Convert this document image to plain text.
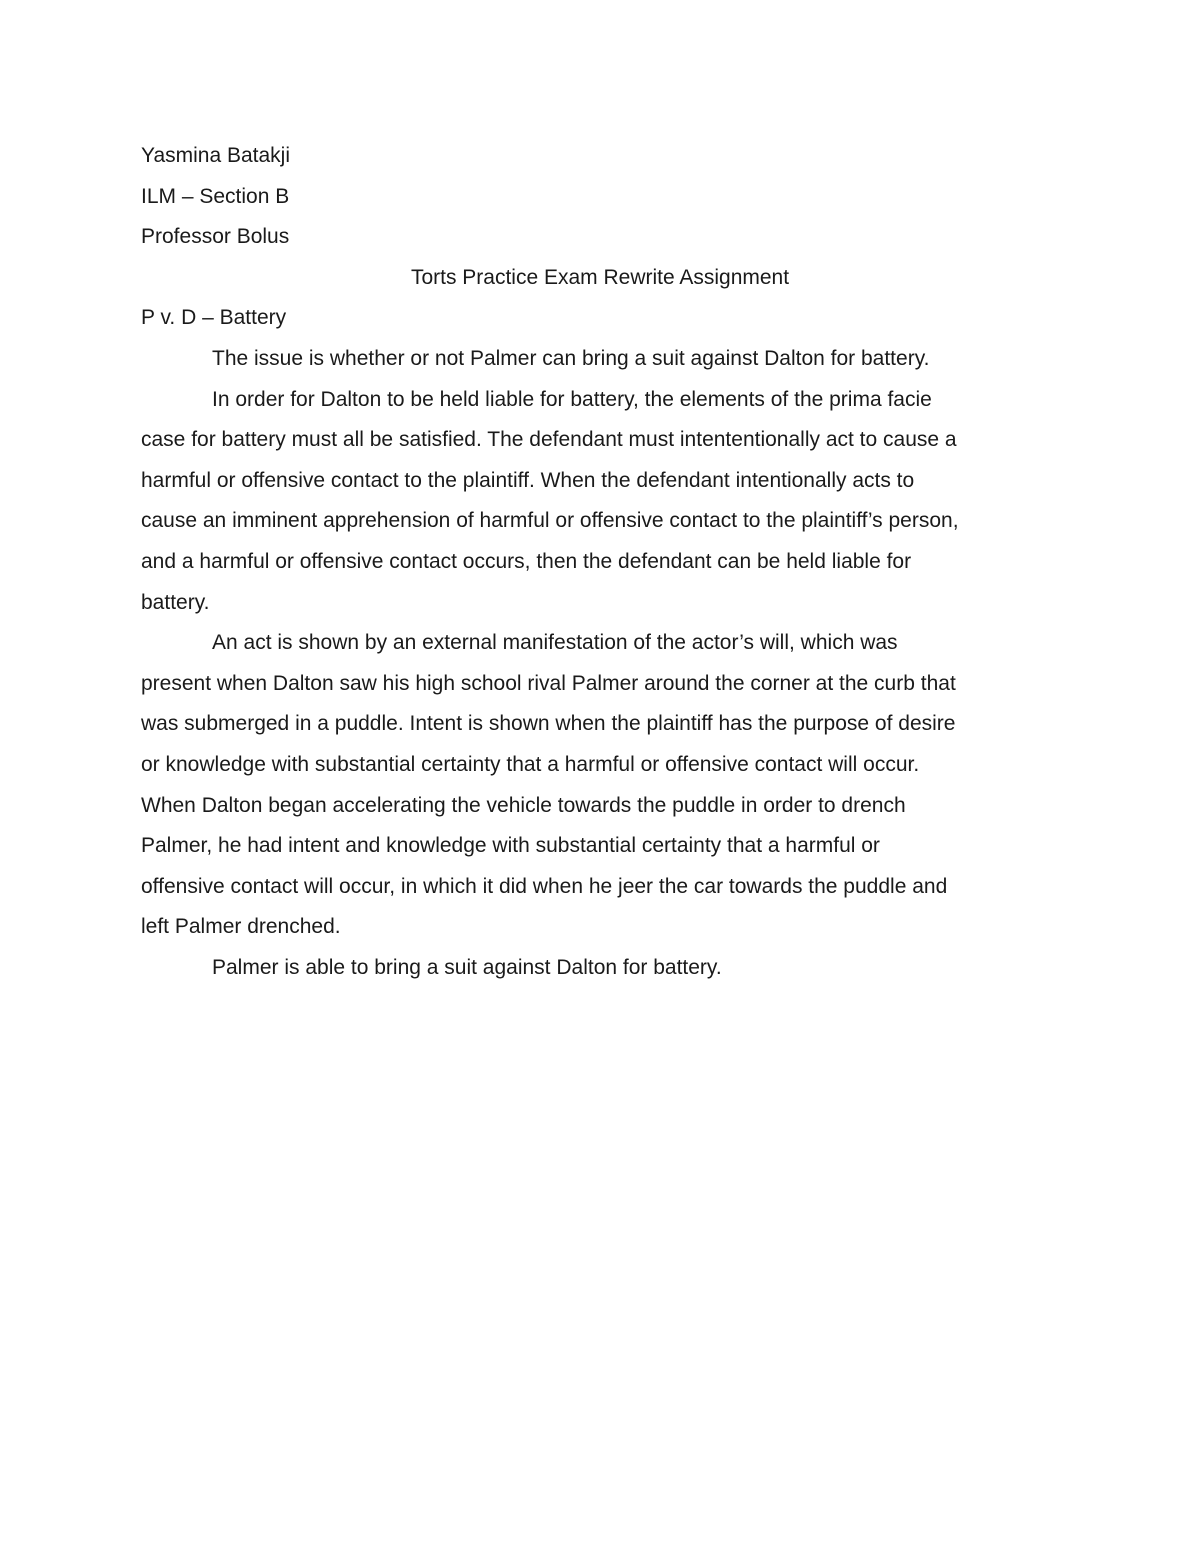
Yasmina Batakji

ILM – Section B

Professor Bolus

Torts Practice Exam Rewrite Assignment

P v. D – Battery

The issue is whether or not Palmer can bring a suit against Dalton for battery.

In order for Dalton to be held liable for battery, the elements of the prima facie
case for battery must all be satisfied. The defendant must intententionally act to cause a
harmful or offensive contact to the plaintiff. When the defendant intentionally acts to
cause an imminent apprehension of harmful or offensive contact to the plaintiff’s person,
and a harmful or offensive contact occurs, then the defendant can be held liable for
battery.

An act is shown by an external manifestation of the actor’s will, which was
present when Dalton saw his high school rival Palmer around the corner at the curb that
was submerged in a puddle. Intent is shown when the plaintiff has the purpose of desire
or knowledge with substantial certainty that a harmful or offensive contact will occur.
When Dalton began accelerating the vehicle towards the puddle in order to drench
Palmer, he had intent and knowledge with substantial certainty that a harmful or
offensive contact will occur, in which it did when he jeer the car towards the puddle and
left Palmer drenched.

Palmer is able to bring a suit against Dalton for battery.
